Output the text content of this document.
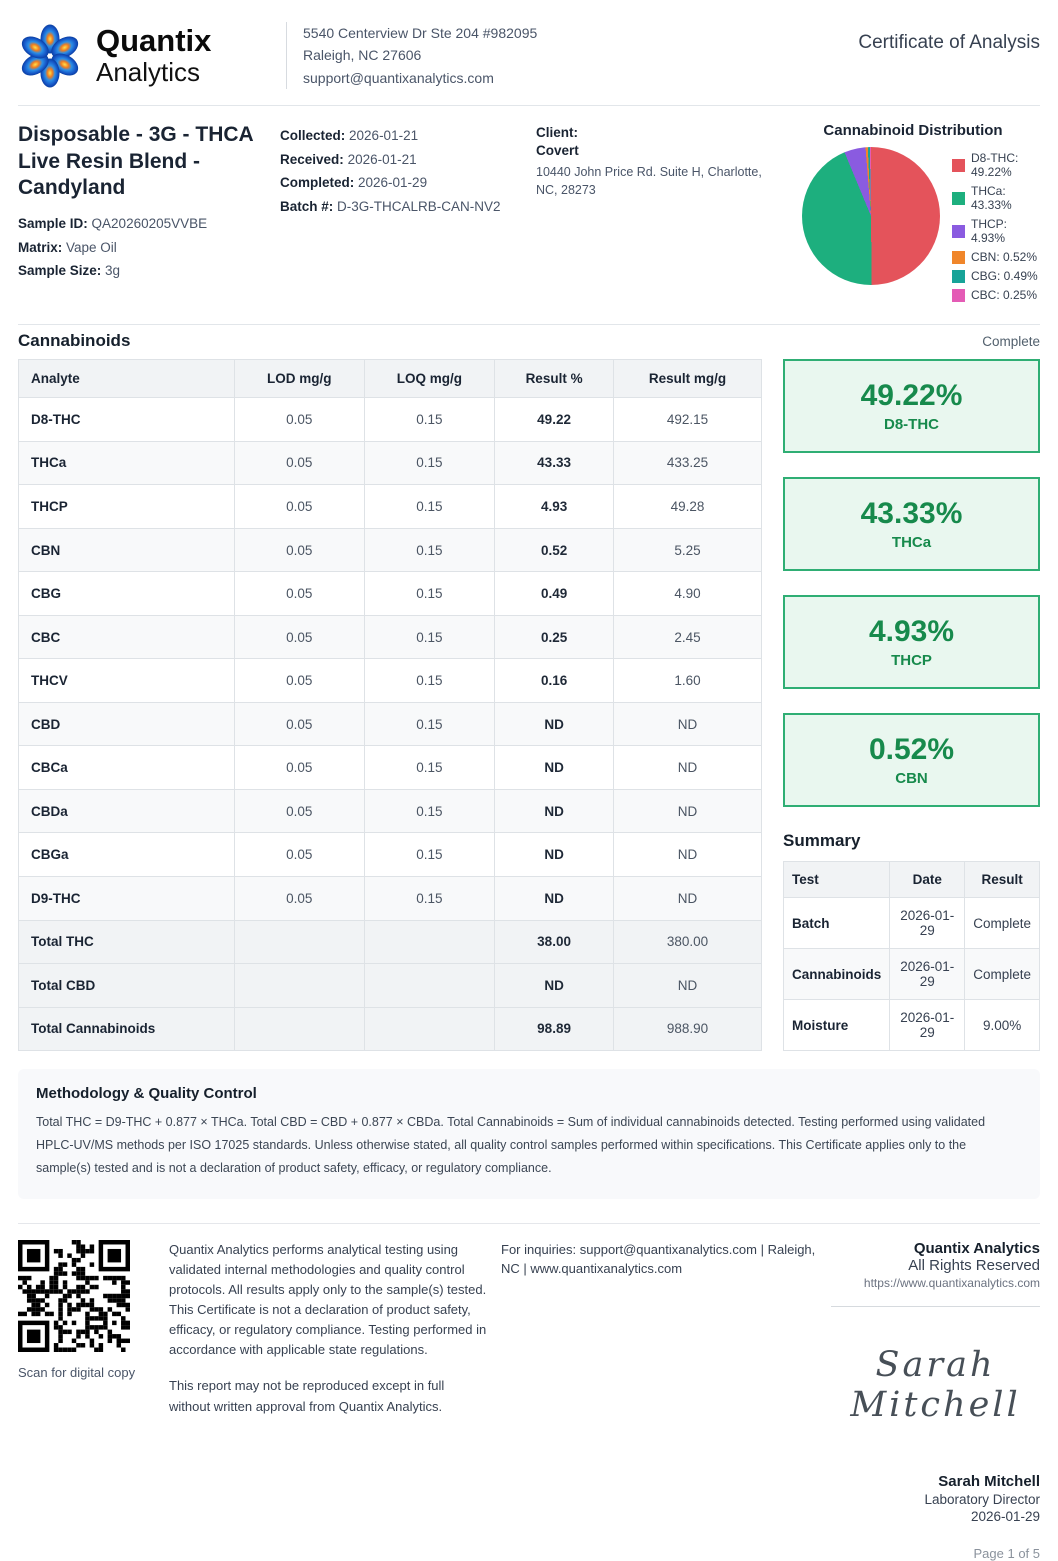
Quantix
Analytics
5540 Centerview Dr Ste 204 #982095
Raleigh, NC 27606
support@quantixanalytics.com
Certificate of Analysis
Disposable - 3G - THCA Live Resin Blend - Candyland
Sample ID: QA20260205VVBE
Matrix: Vape Oil
Sample Size: 3g
Collected: 2026-01-21
Received: 2026-01-21
Completed: 2026-01-29
Batch #: D-3G-THCALRB-CAN-NV2
Client:
Covert
10440 John Price Rd. Suite H, Charlotte, NC, 28273
Cannabinoid Distribution
D8-THC: 49.22%
THCa: 43.33%
THCP: 4.93%
CBN: 0.52%
CBG: 0.49%
CBC: 0.25%
Cannabinoids	Complete
Analyte	LOD mg/g	LOQ mg/g	Result %	Result mg/g
D8-THC	0.05	0.15	49.22	492.15
THCa	0.05	0.15	43.33	433.25
THCP	0.05	0.15	4.93	49.28
CBN	0.05	0.15	0.52	5.25
CBG	0.05	0.15	0.49	4.90
CBC	0.05	0.15	0.25	2.45
THCV	0.05	0.15	0.16	1.60
CBD	0.05	0.15	ND	ND
CBCa	0.05	0.15	ND	ND
CBDa	0.05	0.15	ND	ND
CBGa	0.05	0.15	ND	ND
D9-THC	0.05	0.15	ND	ND
Total THC			38.00	380.00
Total CBD			ND	ND
Total Cannabinoids			98.89	988.90
49.22%
D8-THC
43.33%
THCa
4.93%
THCP
0.52%
CBN
Summary
Test	Date	Result
Batch	2026-01-29	Complete
Cannabinoids	2026-01-29	Complete
Moisture	2026-01-29	9.00%
Methodology & Quality Control

Total THC = D9-THC + 0.877 × THCa. Total CBD = CBD + 0.877 × CBDa. Total Cannabinoids = Sum of individual cannabinoids detected. Testing performed using validated HPLC-UV/MS methods per ISO 17025 standards. Unless otherwise stated, all quality control samples performed within specifications. This Certificate applies only to the sample(s) tested and is not a declaration of product safety, efficacy, or regulatory compliance.

Scan for digital copy

Quantix Analytics performs analytical testing using validated internal methodologies and quality control protocols. All results apply only to the sample(s) tested. This Certificate is not a declaration of product safety, efficacy, or regulatory compliance. Testing performed in accordance with applicable state regulations.

This report may not be reproduced except in full without written approval from Quantix Analytics.

For inquiries: support@quantixanalytics.com | Raleigh, NC | www.quantixanalytics.com
Quantix Analytics
All Rights Reserved
https://www.quantixanalytics.com
Sarah Mitchell
Sarah Mitchell
Laboratory Director
2026-01-29
Page 1 of 5
